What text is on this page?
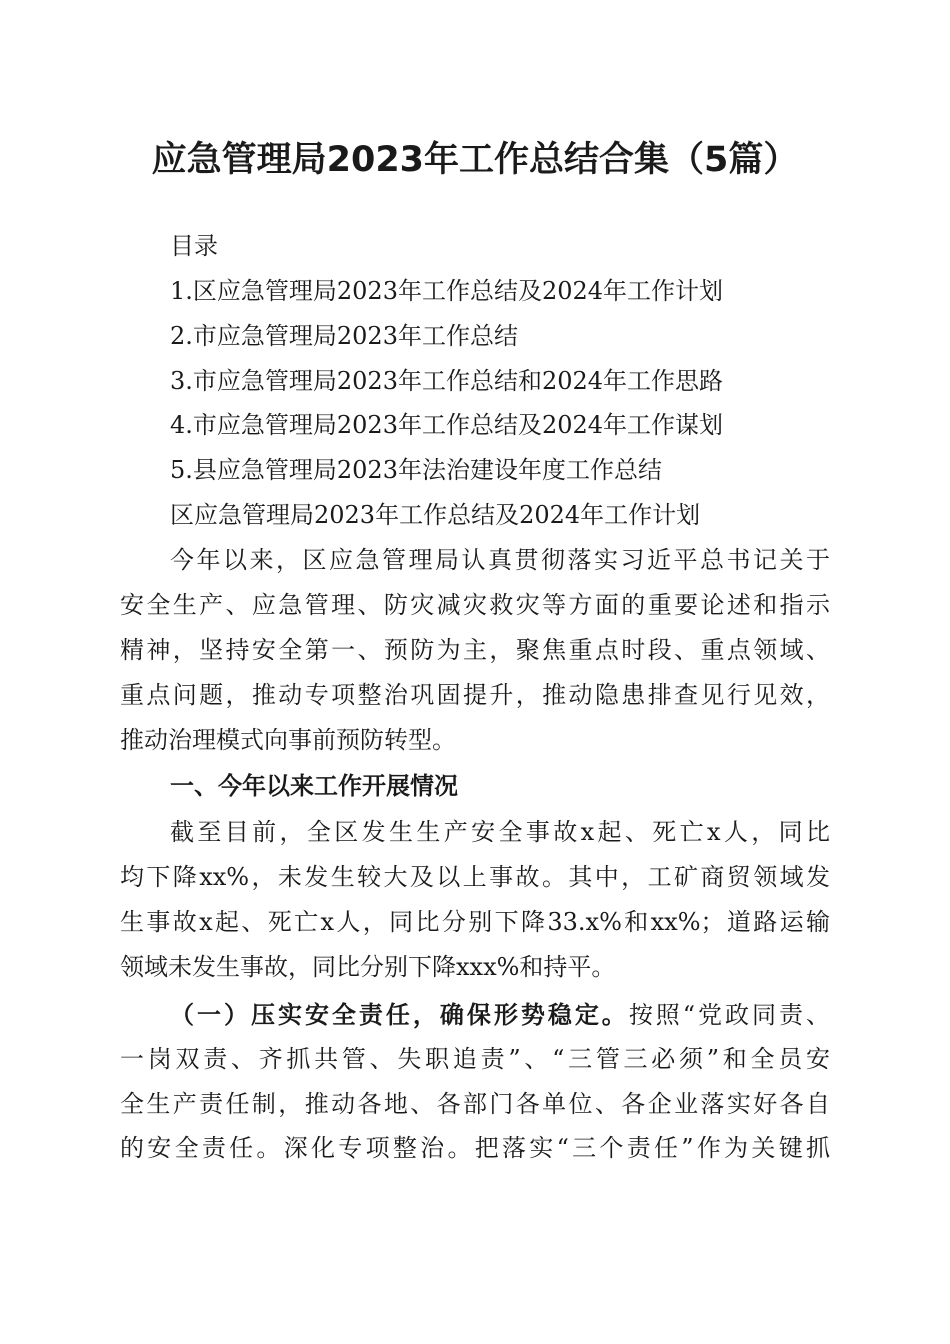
应急管理局2023年工作总结合集（5篇）
目录
1.区应急管理局2023年工作总结及2024年工作计划
2.市应急管理局2023年工作总结
3.市应急管理局2023年工作总结和2024年工作思路
4.市应急管理局2023年工作总结及2024年工作谋划
5.县应急管理局2023年法治建设年度工作总结
区应急管理局2023年工作总结及2024年工作计划
今年以来，区应急管理局认真贯彻落实习近平总书记关于
安全生产、应急管理、防灾减灾救灾等方面的重要论述和指示
精神，坚持安全第一、预防为主，聚焦重点时段、重点领域、
重点问题，推动专项整治巩固提升，推动隐患排查见行见效，
推动治理模式向事前预防转型。
一、今年以来工作开展情况
截至目前，全区发生生产安全事故x起、死亡x人，同比
均下降xx%，未发生较大及以上事故。其中，工矿商贸领域发
生事故x起、死亡x人，同比分别下降33.x%和xx%；道路运输
领域未发生事故，同比分别下降xxx%和持平。
（一）压实安全责任，确保形势稳定。按照“党政同责、
一岗双责、齐抓共管、失职追责”、“三管三必须”和全员安
全生产责任制，推动各地、各部门各单位、各企业落实好各自
的安全责任。深化专项整治。把落实“三个责任”作为关键抓
